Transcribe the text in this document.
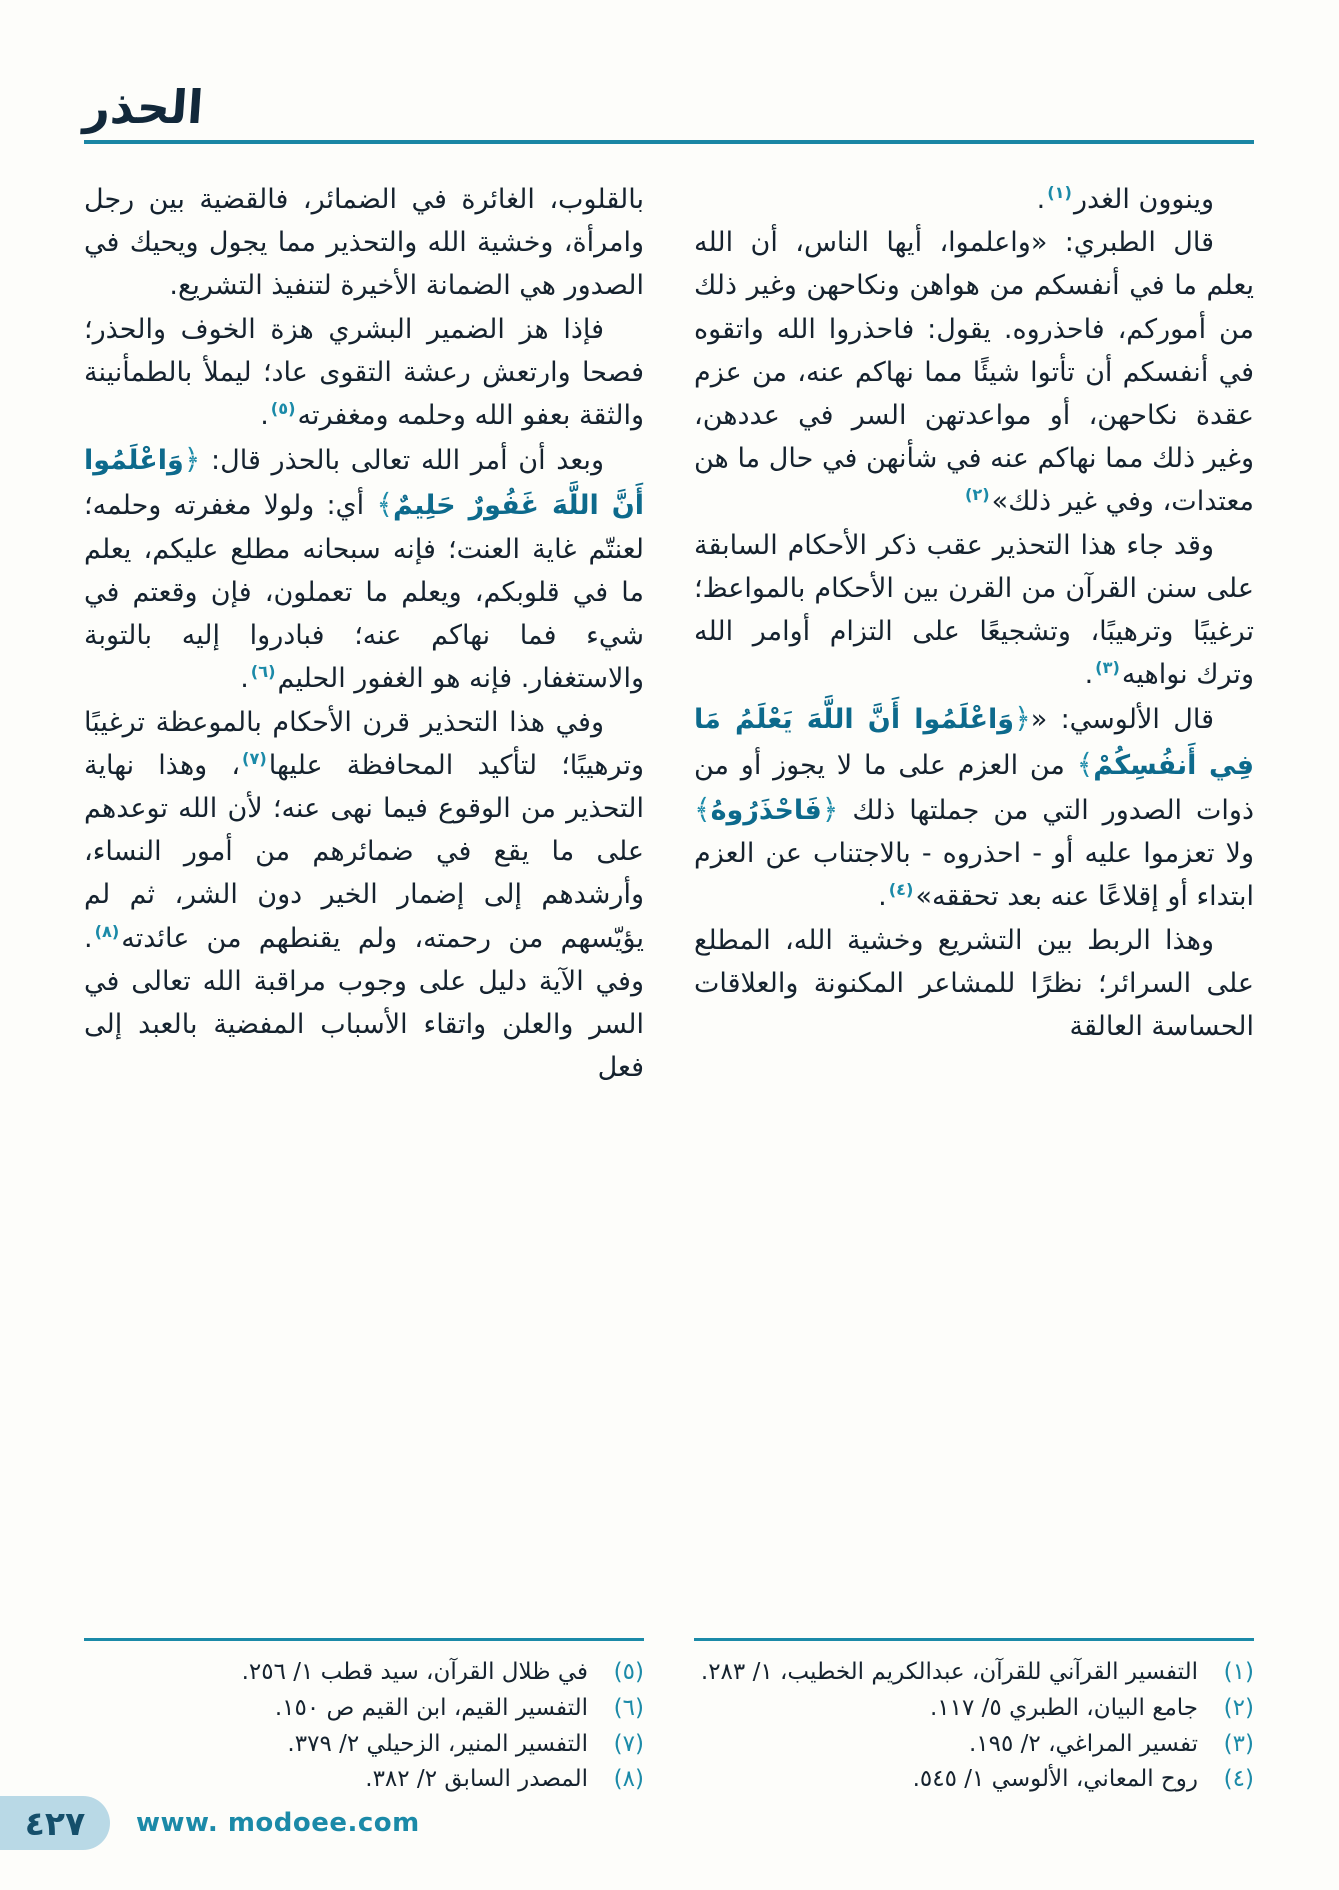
الحذر

وينوون الغدر$^{(١)}$.

قال الطبري: «واعلموا، أيها الناس، أن الله يعلم ما في أنفسكم من هواهن ونكاحهن وغير ذلك من أموركم، فاحذروه. يقول: فاحذروا الله واتقوه في أنفسكم أن تأتوا شيئًا مما نهاكم عنه، من عزم عقدة نكاحهن، أو مواعدتهن السر في عددهن، وغير ذلك مما نهاكم عنه في شأنهن في حال ما هن معتدات، وفي غير ذلك»$^{(٢)}$

وقد جاء هذا التحذير عقب ذكر الأحكام السابقة على سنن القرآن من القرن بين الأحكام بالمواعظ؛ ترغيبًا وترهيبًا، وتشجيعًا على التزام أوامر الله وترك نواهيه$^{(٣)}$.

قال الألوسي: «﴿وَاعْلَمُوا أَنَّ اللَّهَ يَعْلَمُ مَا فِي أَنفُسِكُمْ﴾ من العزم على ما لا يجوز أو من ذوات الصدور التي من جملتها ذلك ﴿فَاحْذَرُوهُ﴾ ولا تعزموا عليه أو - احذروه - بالاجتناب عن العزم ابتداء أو إقلاعًا عنه بعد تحققه»$^{(٤)}$.

وهذا الربط بين التشريع وخشية الله، المطلع على السرائر؛ نظرًا للمشاعر المكنونة والعلاقات الحساسة العالقة

(١)
التفسير القرآني للقرآن، عبدالكريم الخطيب، ١/ ٢٨٣.
(٢)
جامع البيان، الطبري ٥/ ١١٧.
(٣)
تفسير المراغي، ٢/ ١٩٥.
(٤)
روح المعاني، الألوسي ١/ ٥٤٥.

بالقلوب، الغائرة في الضمائر، فالقضية بين رجل وامرأة، وخشية الله والتحذير مما يجول ويحيك في الصدور هي الضمانة الأخيرة لتنفيذ التشريع.

فإذا هز الضمير البشري هزة الخوف والحذر؛ فصحا وارتعش رعشة التقوى عاد؛ ليملأ بالطمأنينة والثقة بعفو الله وحلمه ومغفرته$^{(٥)}$.

وبعد أن أمر الله تعالى بالحذر قال: ﴿وَاعْلَمُوا أَنَّ اللَّهَ غَفُورٌ حَلِيمٌ﴾ أي: ولولا مغفرته وحلمه؛ لعنتّم غاية العنت؛ فإنه سبحانه مطلع عليكم، يعلم ما في قلوبكم، ويعلم ما تعملون، فإن وقعتم في شيء فما نهاكم عنه؛ فبادروا إليه بالتوبة والاستغفار. فإنه هو الغفور الحليم$^{(٦)}$.

وفي هذا التحذير قرن الأحكام بالموعظة ترغيبًا وترهيبًا؛ لتأكيد المحافظة عليها$^{(٧)}$، وهذا نهاية التحذير من الوقوع فيما نهى عنه؛ لأن الله توعدهم على ما يقع في ضمائرهم من أمور النساء، وأرشدهم إلى إضمار الخير دون الشر، ثم لم يؤيّسهم من رحمته، ولم يقنطهم من عائدته$^{(٨)}$. وفي الآية دليل على وجوب مراقبة الله تعالى في السر والعلن واتقاء الأسباب المفضية بالعبد إلى فعل

(٥)
في ظلال القرآن، سيد قطب ١/ ٢٥٦.
(٦)
التفسير القيم، ابن القيم ص ١٥٠.
(٧)
التفسير المنير، الزحيلي ٢/ ٣٧٩.
(٨)
المصدر السابق ٢/ ٣٨٢.
٤٢٧ www. modoee.com
